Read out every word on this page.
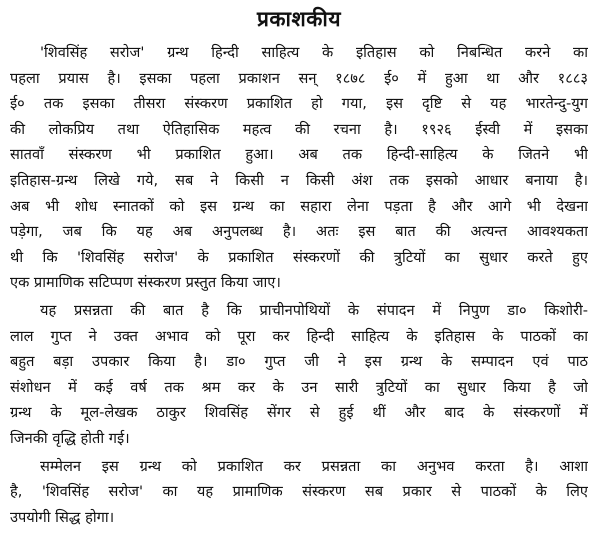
प्रकाशकीय
'शिवसिंह सरोज' ग्रन्थ हिन्दी साहित्य के इतिहास को निबन्धित करने का
पहला प्रयास है। इसका पहला प्रकाशन सन् १८७८ ई० में हुआ था और १८८३
ई० तक इसका तीसरा संस्करण प्रकाशित हो गया, इस दृष्टि से यह भारतेन्दु-युग
की लोकप्रिय तथा ऐतिहासिक महत्व की रचना है। १९२६ ईस्वी में इसका
सातवाँ संस्करण भी प्रकाशित हुआ। अब तक हिन्दी-साहित्य के जितने भी
इतिहास-ग्रन्थ लिखे गये, सब ने किसी न किसी अंश तक इसको आधार बनाया है।
अब भी शोध स्नातकों को इस ग्रन्थ का सहारा लेना पड़ता है और आगे भी देखना
पड़ेगा, जब कि यह अब अनुपलब्ध है। अतः इस बात की अत्यन्त आवश्यकता
थी कि 'शिवसिंह सरोज' के प्रकाशित संस्करणों की त्रुटियों का सुधार करते हुए
एक प्रामाणिक सटिप्पण संस्करण प्रस्तुत किया जाए।
यह प्रसन्नता की बात है कि प्राचीनपोथियों के संपादन में निपुण डा० किशोरी-
लाल गुप्त ने उक्त अभाव को पूरा कर हिन्दी साहित्य के इतिहास के पाठकों का
बहुत बड़ा उपकार किया है। डा० गुप्त जी ने इस ग्रन्थ के सम्पादन एवं पाठ
संशोधन में कई वर्ष तक श्रम कर के उन सारी त्रुटियों का सुधार किया है जो
ग्रन्थ के मूल-लेखक ठाकुर शिवसिंह सेंगर से हुई थीं और बाद के संस्करणों में
जिनकी वृद्धि होती गई।
सम्मेलन इस ग्रन्थ को प्रकाशित कर प्रसन्नता का अनुभव करता है। आशा
है, 'शिवसिंह सरोज' का यह प्रामाणिक संस्करण सब प्रकार से पाठकों के लिए
उपयोगी सिद्ध होगा।
